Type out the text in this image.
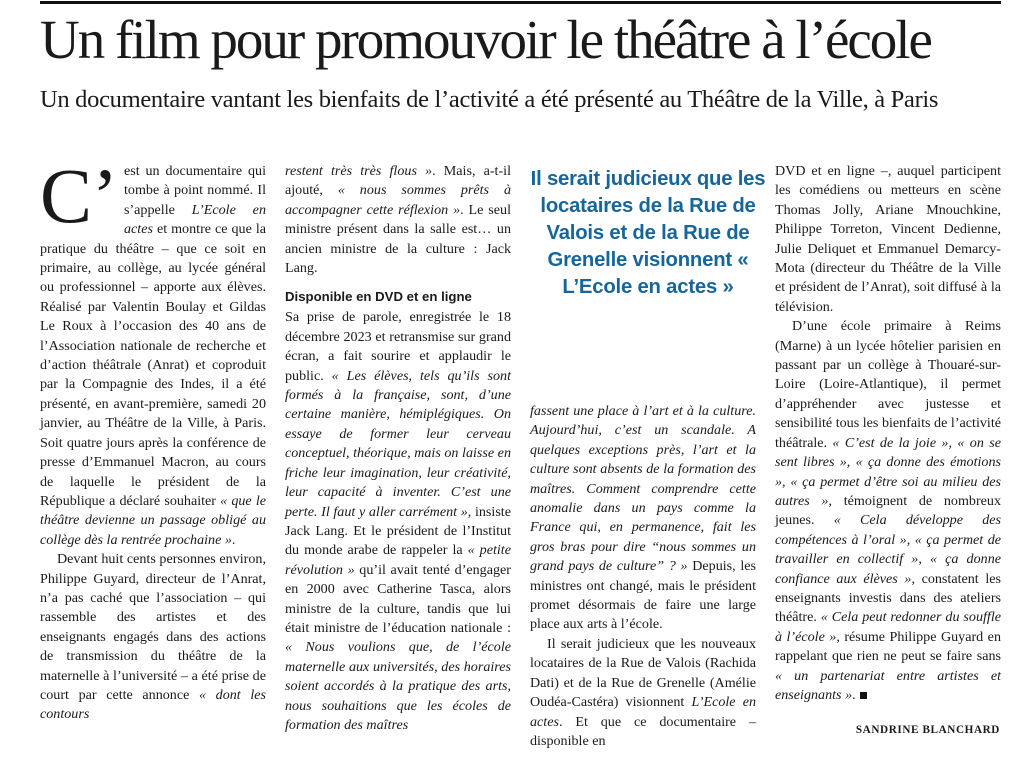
Un film pour promouvoir le théâtre à l’école
Un documentaire vantant les bienfaits de l’activité a été présenté au Théâtre de la Ville, à Paris

C’ est un documentaire qui tombe à point nommé. Il s’appelle L’Ecole en actes et montre ce que la pratique du théâtre – que ce soit en primaire, au collège, au lycée général ou professionnel – apporte aux élèves. Réalisé par Valentin Boulay et Gildas Le Roux à l’occasion des 40 ans de l’Association nationale de recherche et d’action théâtrale (Anrat) et coproduit par la Compagnie des Indes, il a été présenté, en avant-première, samedi 20 janvier, au Théâtre de la Ville, à Paris. Soit quatre jours après la conférence de presse d’Emmanuel Macron, au cours de laquelle le président de la République a déclaré souhaiter « que le théâtre devienne un passage obligé au collège dès la rentrée prochaine ».

Devant huit cents personnes environ, Philippe Guyard, directeur de l’Anrat, n’a pas caché que l’association – qui rassemble des artistes et des enseignants engagés dans des actions de transmission du théâtre de la maternelle à l’université – a été prise de court par cette annonce « dont les contours

restent très très flous ». Mais, a-t-il ajouté, « nous sommes prêts à accompagner cette réflexion ». Le seul ministre présent dans la salle est… un ancien ministre de la culture : Jack Lang.

Disponible en DVD et en ligne

Sa prise de parole, enregistrée le 18 décembre 2023 et retransmise sur grand écran, a fait sourire et applaudir le public. « Les élèves, tels qu’ils sont formés à la française, sont, d’une certaine manière, hémiplégiques. On essaye de former leur cerveau conceptuel, théorique, mais on laisse en friche leur imagination, leur créativité, leur capacité à inventer. C’est une perte. Il faut y aller carrément », insiste Jack Lang. Et le président de l’Institut du monde arabe de rappeler la « petite révolution » qu’il avait tenté d’engager en 2000 avec Catherine Tasca, alors ministre de la culture, tandis que lui était ministre de l’éducation nationale : « Nous voulions que, de l’école maternelle aux universités, des horaires soient accordés à la pratique des arts, nous souhaitions que les écoles de formation des maîtres

Il serait judicieux que les locataires de la Rue de Valois et de la Rue de Grenelle visionnent « L’Ecole en actes »

fassent une place à l’art et à la culture. Aujourd’hui, c’est un scandale. A quelques exceptions près, l’art et la culture sont absents de la formation des maîtres. Comment comprendre cette anomalie dans un pays comme la France qui, en permanence, fait les gros bras pour dire “nous sommes un grand pays de culture” ? » Depuis, les ministres ont changé, mais le président promet désormais de faire une large place aux arts à l’école.

Il serait judicieux que les nouveaux locataires de la Rue de Valois (Rachida Dati) et de la Rue de Grenelle (Amélie Oudéa-Castéra) visionnent L’Ecole en actes. Et que ce documentaire – disponible en

DVD et en ligne –, auquel participent les comédiens ou metteurs en scène Thomas Jolly, Ariane Mnouchkine, Philippe Torreton, Vincent Dedienne, Julie Deliquet et Emmanuel Demarcy-Mota (directeur du Théâtre de la Ville et président de l’Anrat), soit diffusé à la télévision.

D’une école primaire à Reims (Marne) à un lycée hôtelier parisien en passant par un collège à Thouaré-sur-Loire (Loire-Atlantique), il permet d’appréhender avec justesse et sensibilité tous les bienfaits de l’activité théâtrale. « C’est de la joie », « on se sent libres », « ça donne des émotions », « ça permet d’être soi au milieu des autres », témoignent de nombreux jeunes. « Cela développe des compétences à l’oral », « ça permet de travailler en collectif », « ça donne confiance aux élèves », constatent les enseignants investis dans des ateliers théâtre. « Cela peut redonner du souffle à l’école », résume Philippe Guyard en rappelant que rien ne peut se faire sans « un partenariat entre artistes et enseignants ».

SANDRINE BLANCHARD
